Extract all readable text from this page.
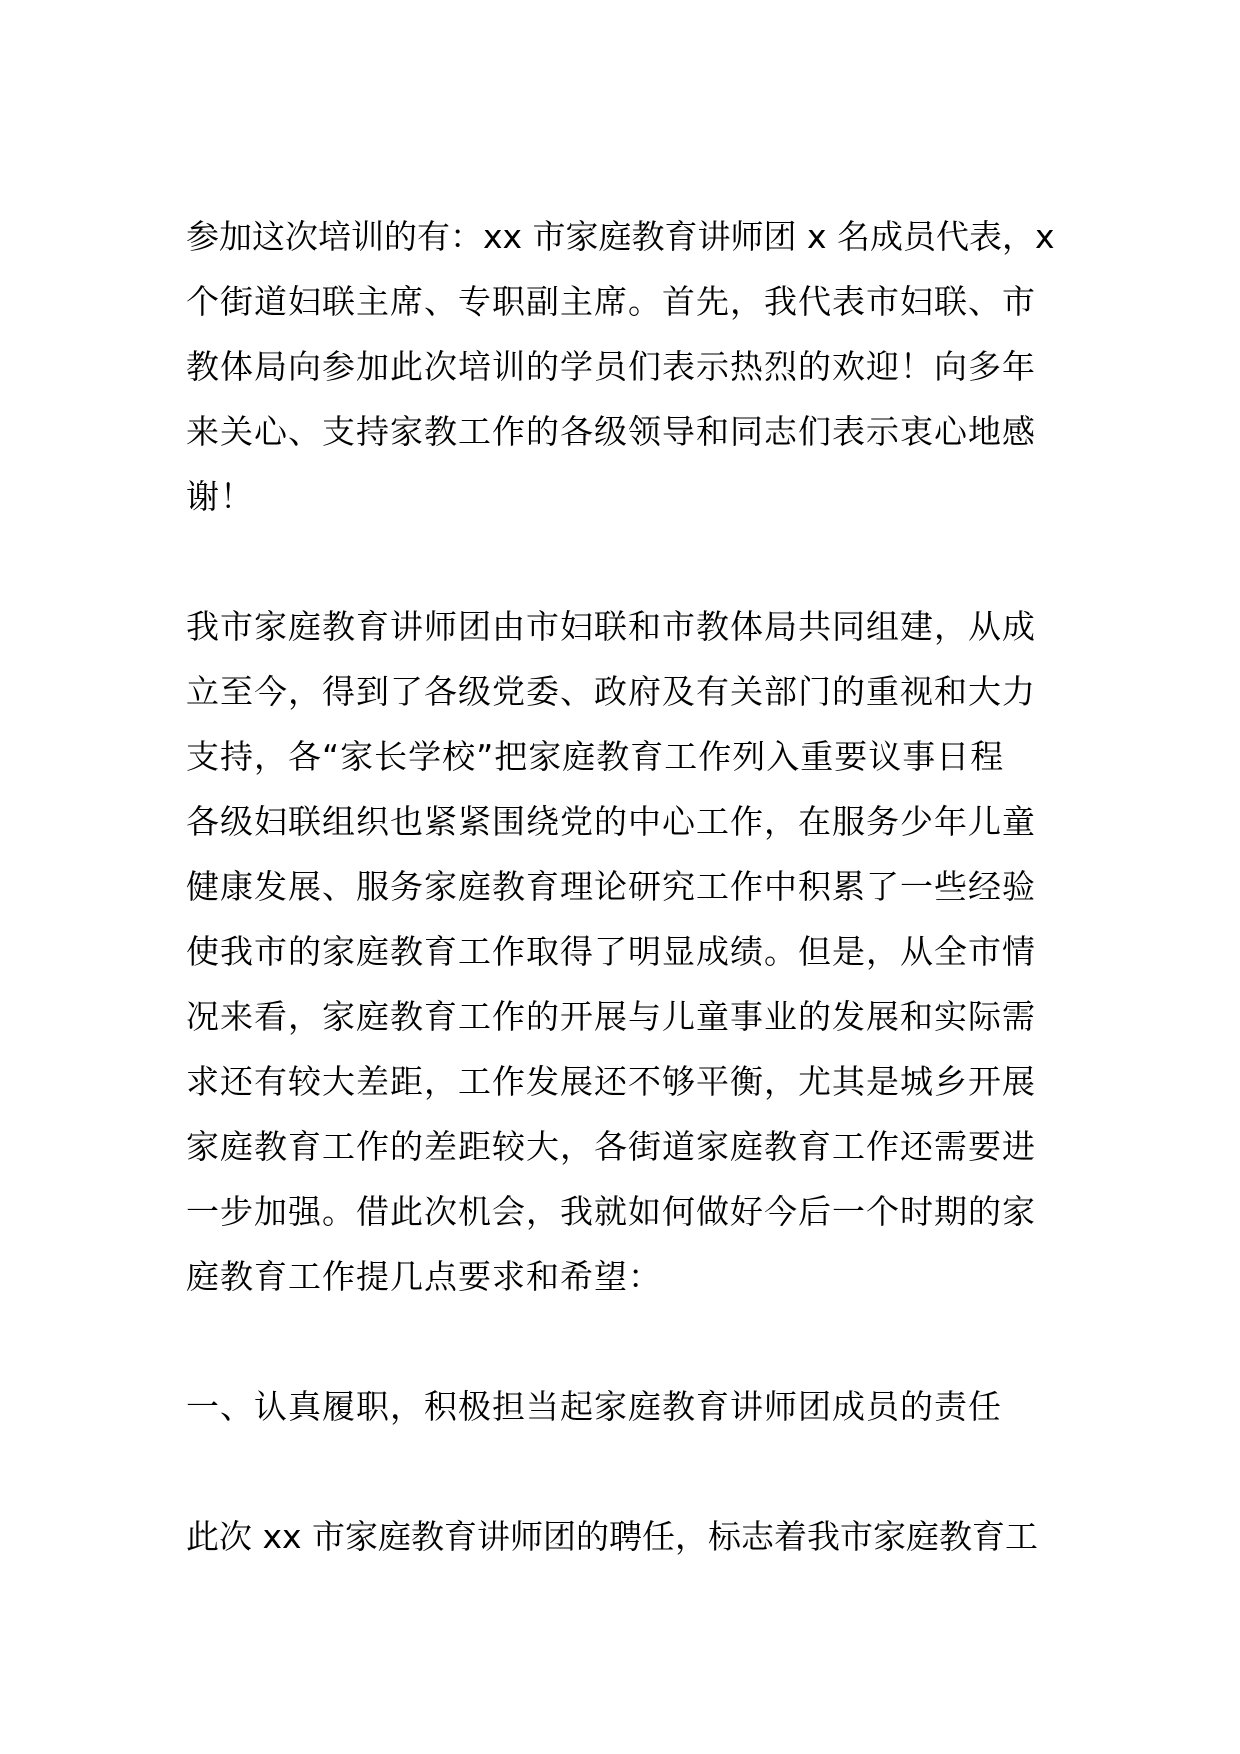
参加这次培训的有：xx 市家庭教育讲师团 x 名成员代表，x
个街道妇联主席、专职副主席。首先，我代表市妇联、市
教体局向参加此次培训的学员们表示热烈的欢迎！向多年
来关心、支持家教工作的各级领导和同志们表示衷心地感
谢！
我市家庭教育讲师团由市妇联和市教体局共同组建，从成
立至今，得到了各级党委、政府及有关部门的重视和大力
支持，各“家长学校”把家庭教育工作列入重要议事日程
各级妇联组织也紧紧围绕党的中心工作，在服务少年儿童
健康发展、服务家庭教育理论研究工作中积累了一些经验
使我市的家庭教育工作取得了明显成绩。但是，从全市情
况来看，家庭教育工作的开展与儿童事业的发展和实际需
求还有较大差距，工作发展还不够平衡，尤其是城乡开展
家庭教育工作的差距较大，各街道家庭教育工作还需要进
一步加强。借此次机会，我就如何做好今后一个时期的家
庭教育工作提几点要求和希望：
一、认真履职，积极担当起家庭教育讲师团成员的责任
此次 xx 市家庭教育讲师团的聘任，标志着我市家庭教育工
